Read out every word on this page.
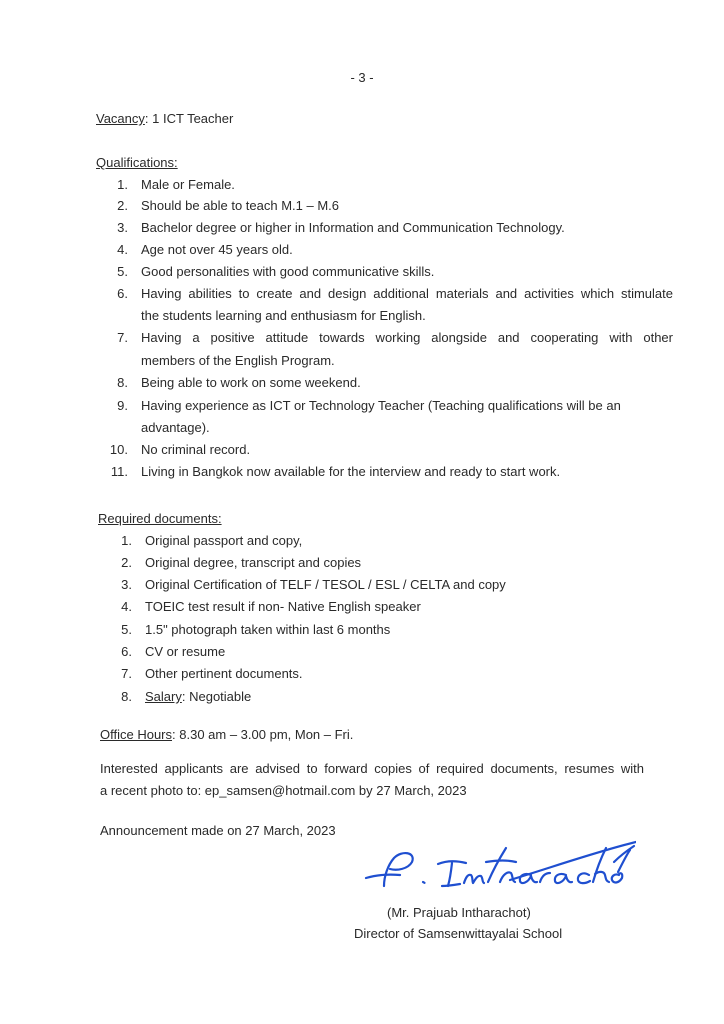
- 3 -
Vacancy: 1 ICT Teacher
Qualifications:
1. Male or Female.
2. Should be able to teach M.1 – M.6
3. Bachelor degree or higher in Information and Communication Technology.
4. Age not over 45 years old.
5. Good personalities with good communicative skills.
6. Having abilities to create and design additional materials and activities which stimulate
the students learning and enthusiasm for English.
7. Having a positive attitude towards working alongside and cooperating with other
members of the English Program.
8. Being able to work on some weekend.
9. Having experience as ICT or Technology Teacher (Teaching qualifications will be an
advantage).
10. No criminal record.
11. Living in Bangkok now available for the interview and ready to start work.
Required documents:
1. Original passport and copy,
2. Original degree, transcript and copies
3. Original Certification of TELF / TESOL / ESL / CELTA and copy
4. TOEIC test result if non- Native English speaker
5. 1.5" photograph taken within last 6 months
6. CV or resume
7. Other pertinent documents.
8. Salary: Negotiable
Office Hours: 8.30 am – 3.00 pm, Mon – Fri.
Interested applicants are advised to forward copies of required documents, resumes with
a recent photo to: ep_samsen@hotmail.com by 27 March, 2023
Announcement made on 27 March, 2023
(Mr. Prajuab Intharachot)
Director of Samsenwittayalai School
